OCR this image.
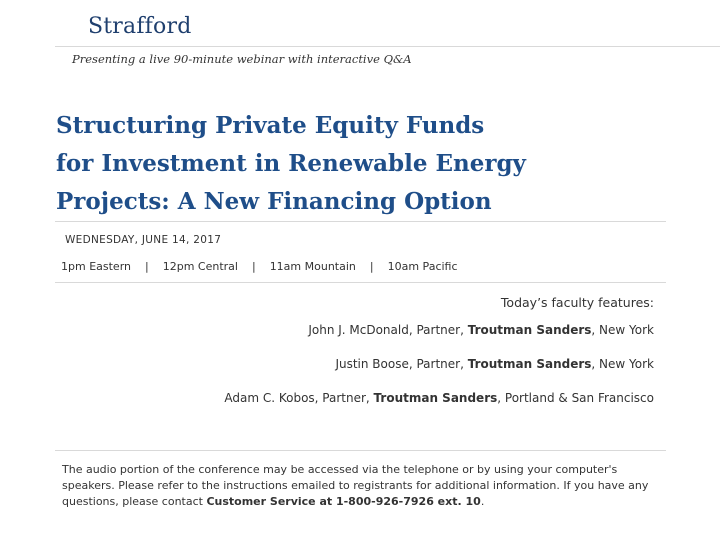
Strafford
Presenting a live 90-minute webinar with interactive Q&A
Structuring Private Equity Funds
for Investment in Renewable Energy
Projects: A New Financing Option
WEDNESDAY, JUNE 14, 2017
1pm Eastern | 12pm Central | 11am Mountain | 10am Pacific
Today’s faculty features:
John J. McDonald, Partner, Troutman Sanders, New York
Justin Boose, Partner, Troutman Sanders, New York
Adam C. Kobos, Partner, Troutman Sanders, Portland & San Francisco
The audio portion of the conference may be accessed via the telephone or by using your computer's speakers. Please refer to the instructions emailed to registrants for additional information. If you have any questions, please contact Customer Service at 1-800-926-7926 ext. 10.
